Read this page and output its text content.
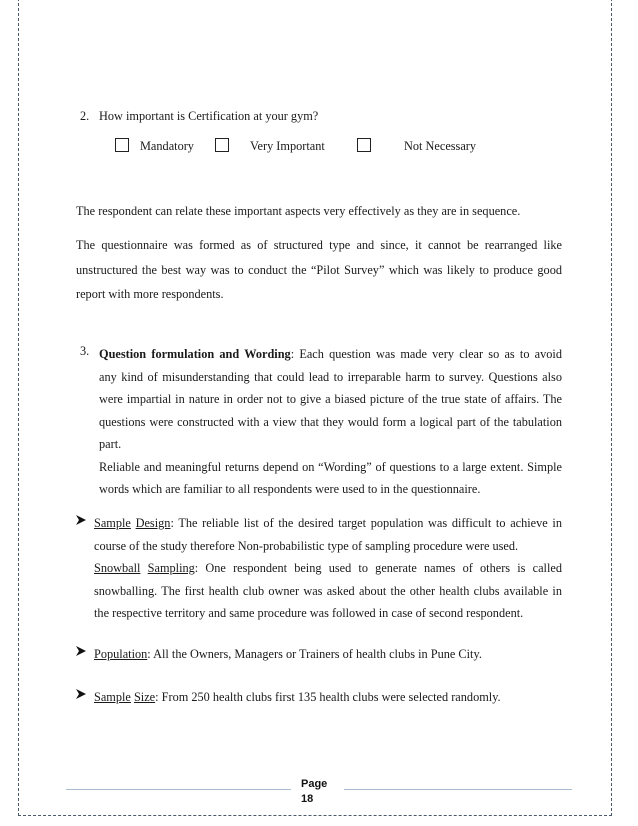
2. How important is Certification at your gym?
Mandatory	Very Important	Not Necessary

The respondent can relate these important aspects very effectively as they are in sequence.

The questionnaire was formed as of structured type and since, it cannot be rearranged like unstructured the best way was to conduct the “Pilot Survey” which was likely to produce good report with more respondents.

3. Question formulation and Wording: Each question was made very clear so as to avoid
any kind of misunderstanding that could lead to irreparable harm to survey. Questions also
were impartial in nature in order not to give a biased picture of the true state of affairs. The
questions were constructed with a view that they would form a logical part of the tabulation
part.
Reliable and meaningful returns depend on “Wording” of questions to a large extent. Simple
words which are familiar to all respondents were used to in the questionnaire.
Sample Design: The reliable list of the desired target population was difficult to achieve in course of the study therefore Non-probabilistic type of sampling procedure were used.
Snowball Sampling: One respondent being used to generate names of others is called snowballing. The first health club owner was asked about the other health clubs available in the respective territory and same procedure was followed in case of second respondent.
Population: All the Owners, Managers or Trainers of health clubs in Pune City.
Sample Size: From 250 health clubs first 135 health clubs were selected randomly.
Page
18
